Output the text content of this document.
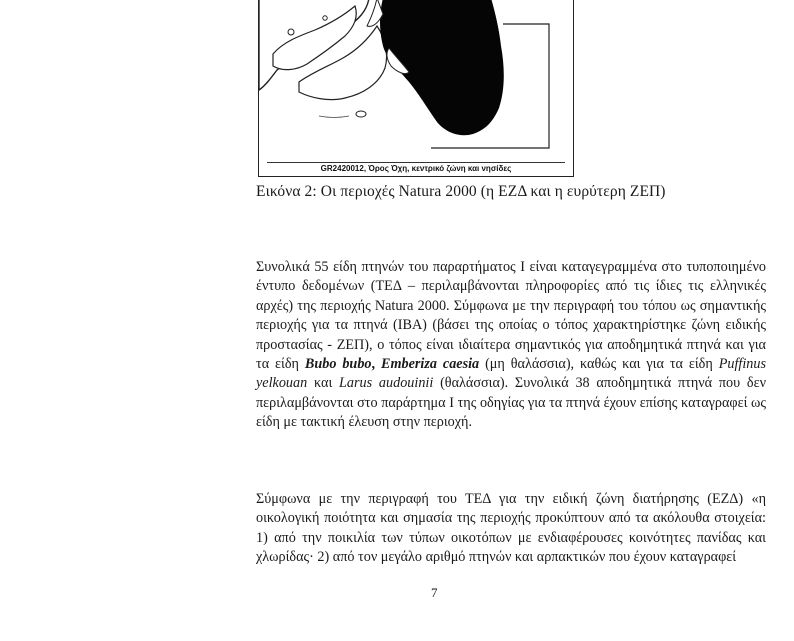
GR2420012, Όρος Όχη, κεντρικό ζώνη και νησίδες
Εικόνα 2: Οι περιοχές Natura 2000 (η ΕΖΔ και η ευρύτερη ΖΕΠ)

Συνολικά 55 είδη πτηνών του παραρτήματος Ι είναι καταγεγραμμένα στο τυποποιημένο έντυπο δεδομένων (ΤΕΔ – περιλαμβάνονται πληροφορίες από τις ίδιες τις ελληνικές αρχές) της περιοχής Natura 2000. Σύμφωνα με την περιγραφή του τόπου ως σημαντικής περιοχής για τα πτηνά (ΙΒΑ) (βάσει της οποίας ο τόπος χαρακτηρίστηκε ζώνη ειδικής προστασίας - ΖΕΠ), ο τόπος είναι ιδιαίτερα σημαντικός για αποδημητικά πτηνά και για τα είδη Bubo bubo, Emberiza caesia (μη θαλάσσια), καθώς και για τα είδη Puffinus yelkouan και Larus audouinii (θαλάσσια). Συνολικά 38 αποδημητικά πτηνά που δεν περιλαμβάνονται στο παράρτημα Ι της οδηγίας για τα πτηνά έχουν επίσης καταγραφεί ως είδη με τακτική έλευση στην περιοχή.

Σύμφωνα με την περιγραφή του ΤΕΔ για την ειδική ζώνη διατήρησης (ΕΖΔ) «η οικολογική ποιότητα και σημασία της περιοχής προκύπτουν από τα ακόλουθα στοιχεία: 1) από την ποικιλία των τύπων οικοτόπων με ενδιαφέρουσες κοινότητες πανίδας και χλωρίδας· 2) από τον μεγάλο αριθμό πτηνών και αρπακτικών που έχουν καταγραφεί

7
